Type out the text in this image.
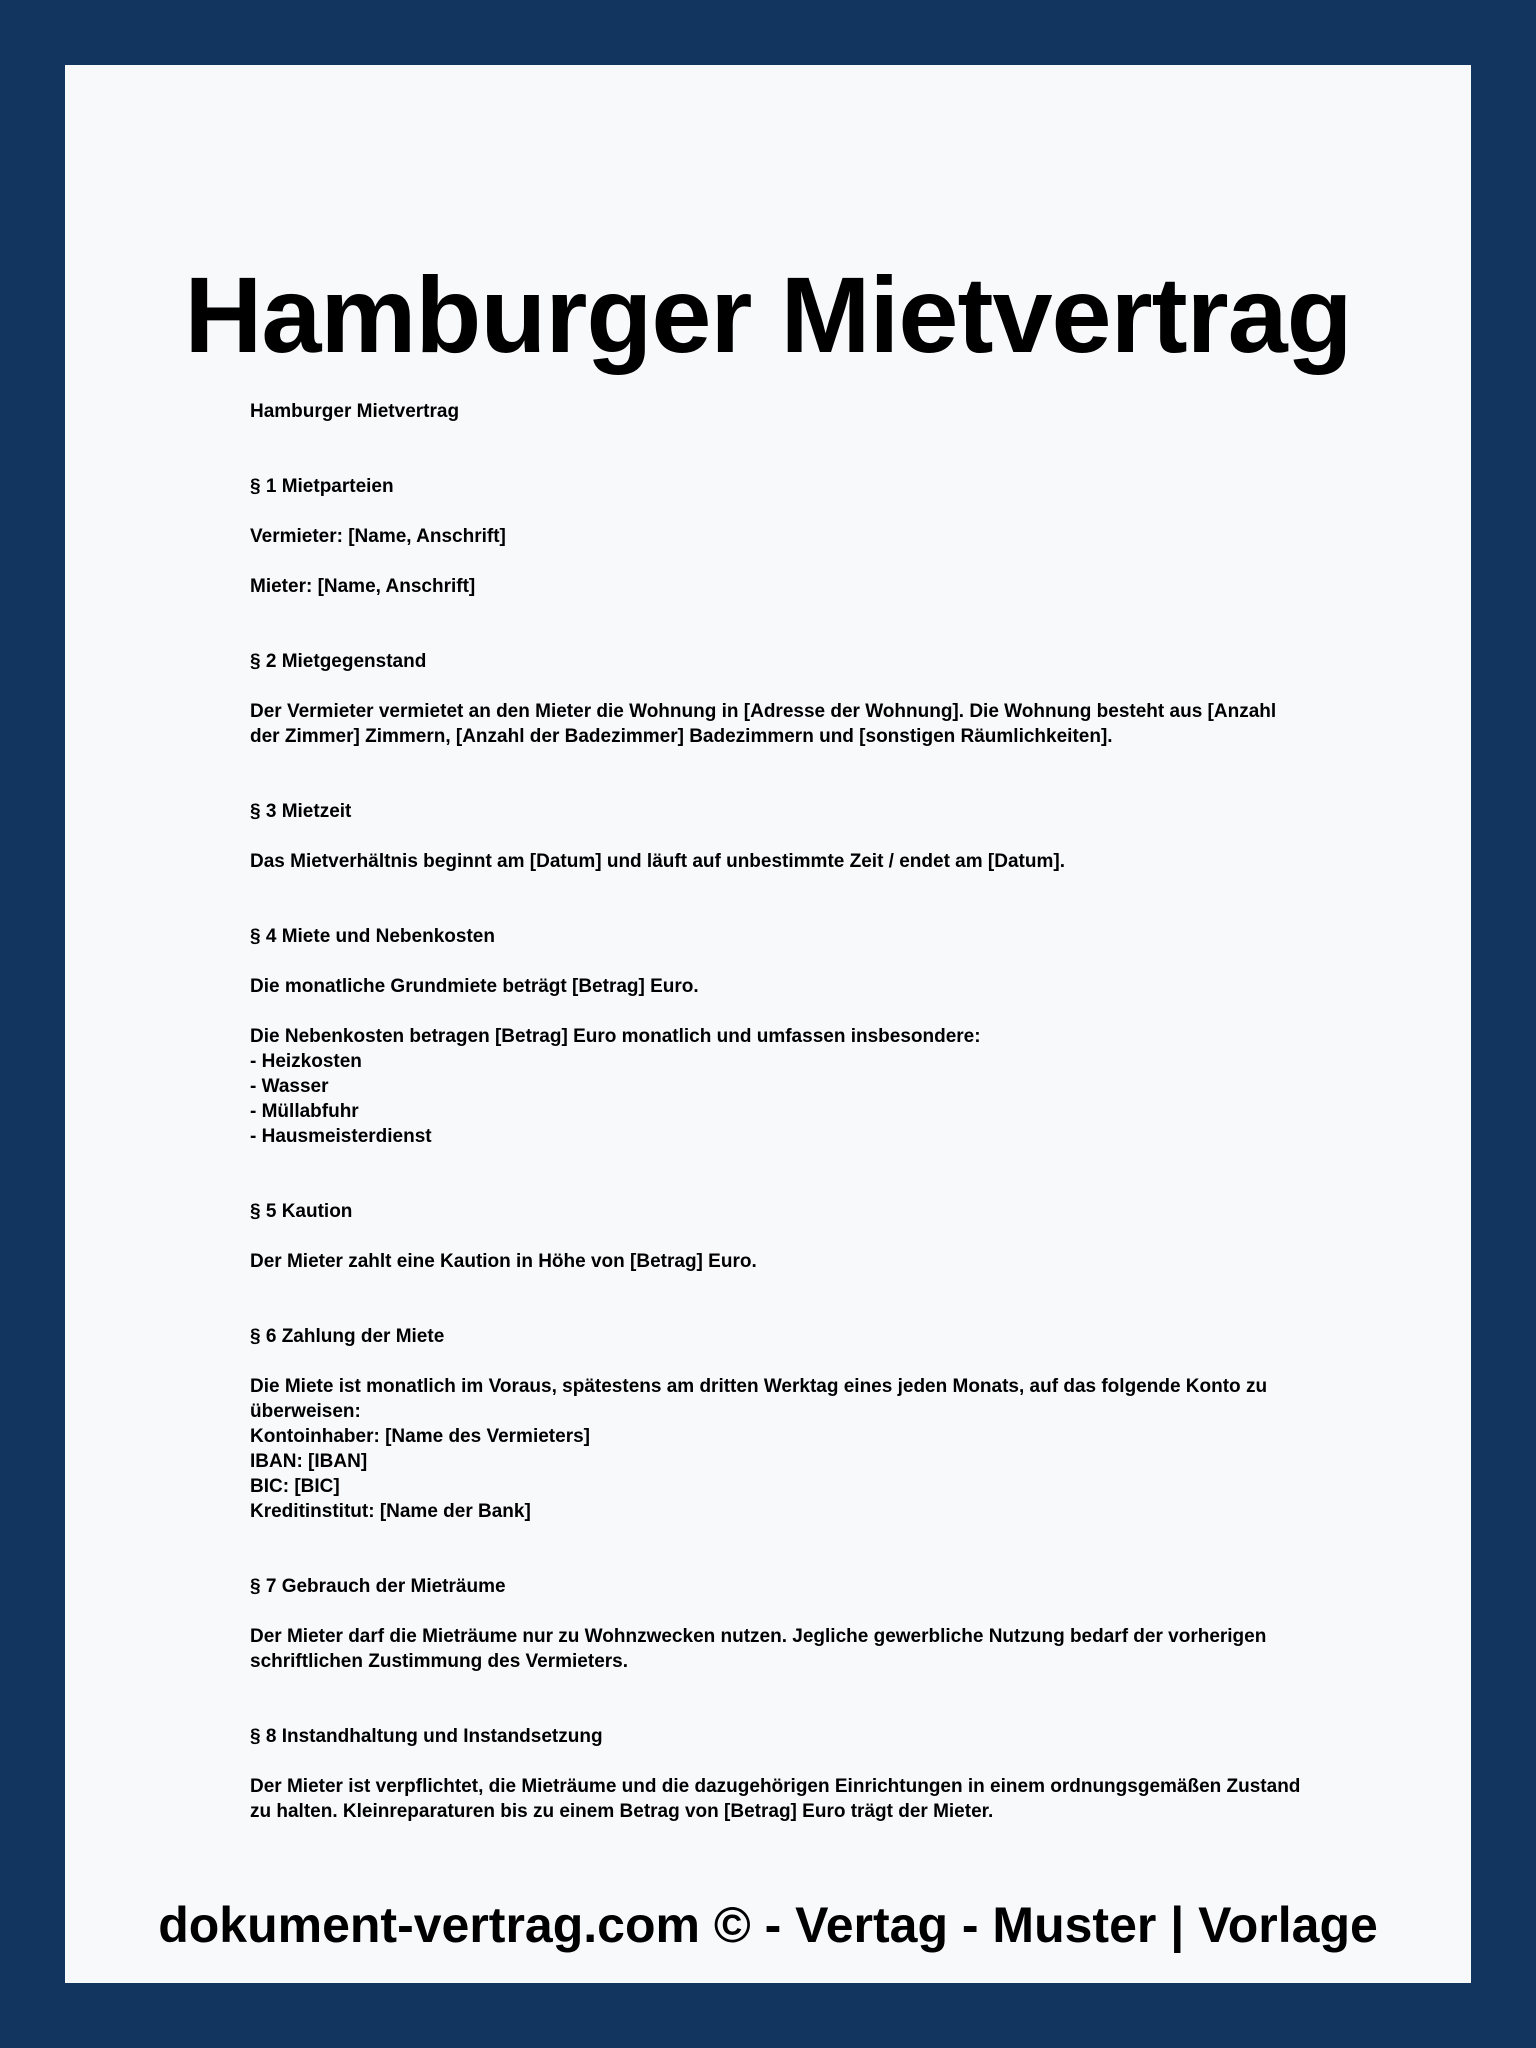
Hamburger Mietvertrag
Hamburger Mietvertrag
§ 1 Mietparteien
Vermieter: [Name, Anschrift]
Mieter: [Name, Anschrift]
§ 2 Mietgegenstand
Der Vermieter vermietet an den Mieter die Wohnung in [Adresse der Wohnung]. Die Wohnung besteht aus [Anzahl der Zimmer] Zimmern, [Anzahl der Badezimmer] Badezimmern und [sonstigen Räumlichkeiten].
§ 3 Mietzeit
Das Mietverhältnis beginnt am [Datum] und läuft auf unbestimmte Zeit / endet am [Datum].
§ 4 Miete und Nebenkosten
Die monatliche Grundmiete beträgt [Betrag] Euro.
Die Nebenkosten betragen [Betrag] Euro monatlich und umfassen insbesondere:
- Heizkosten
- Wasser
- Müllabfuhr
- Hausmeisterdienst
§ 5 Kaution
Der Mieter zahlt eine Kaution in Höhe von [Betrag] Euro.
§ 6 Zahlung der Miete
Die Miete ist monatlich im Voraus, spätestens am dritten Werktag eines jeden Monats, auf das folgende Konto zu überweisen:
Kontoinhaber: [Name des Vermieters]
IBAN: [IBAN]
BIC: [BIC]
Kreditinstitut: [Name der Bank]
§ 7 Gebrauch der Mieträume
Der Mieter darf die Mieträume nur zu Wohnzwecken nutzen. Jegliche gewerbliche Nutzung bedarf der vorherigen schriftlichen Zustimmung des Vermieters.
§ 8 Instandhaltung und Instandsetzung
Der Mieter ist verpflichtet, die Mieträume und die dazugehörigen Einrichtungen in einem ordnungsgemäßen Zustand zu halten. Kleinreparaturen bis zu einem Betrag von [Betrag] Euro trägt der Mieter.
dokument-vertrag.com © - Vertag - Muster | Vorlage
